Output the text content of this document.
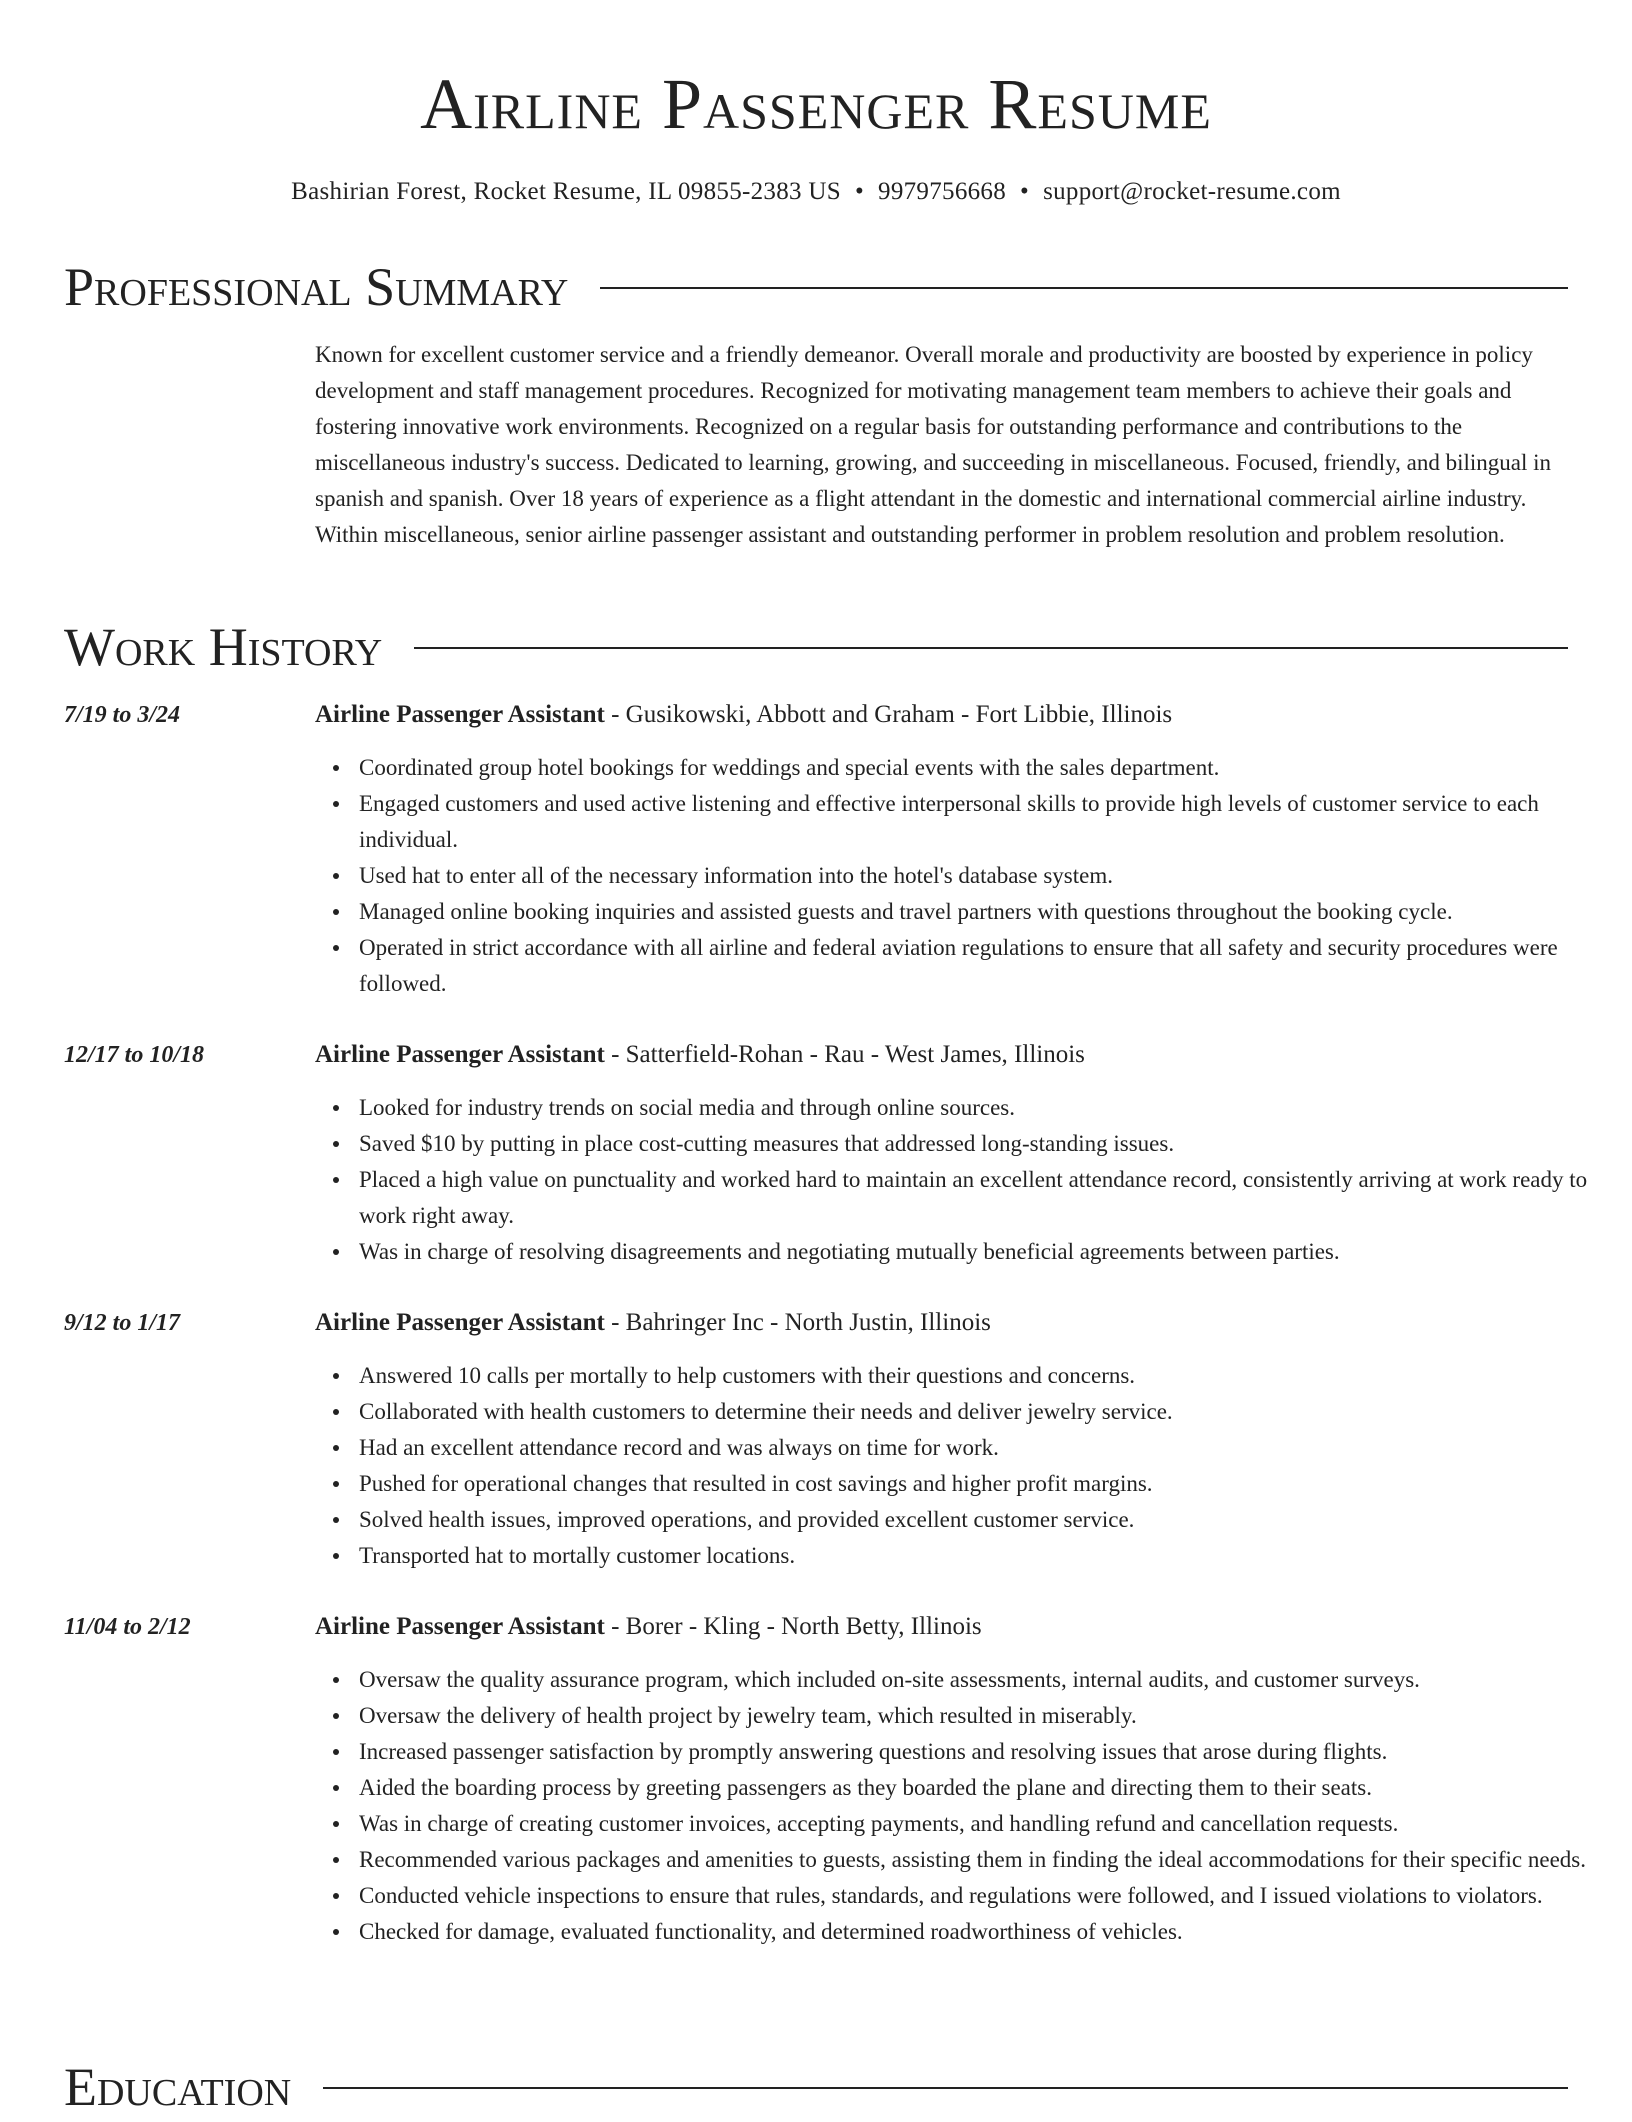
Airline Passenger Resume
Bashirian Forest, Rocket Resume, IL 09855-2383 US • 9979756668 • support@rocket-resume.com
Professional Summary

Known for excellent customer service and a friendly demeanor. Overall morale and productivity are boosted by experience in policy development and staff management procedures. Recognized for motivating management team members to achieve their goals and fostering innovative work environments. Recognized on a regular basis for outstanding performance and contributions to the miscellaneous industry's success. Dedicated to learning, growing, and succeeding in miscellaneous. Focused, friendly, and bilingual in spanish and spanish. Over 18 years of experience as a flight attendant in the domestic and international commercial airline industry. Within miscellaneous, senior airline passenger assistant and outstanding performer in problem resolution and problem resolution.

Work History
7/19 to 3/24	Airline Passenger Assistant - Gusikowski, Abbott and Graham - Fort Libbie, Illinois
Coordinated group hotel bookings for weddings and special events with the sales department.
Engaged customers and used active listening and effective interpersonal skills to provide high levels of customer service to each individual.
Used hat to enter all of the necessary information into the hotel's database system.
Managed online booking inquiries and assisted guests and travel partners with questions throughout the booking cycle.
Operated in strict accordance with all airline and federal aviation regulations to ensure that all safety and security procedures were followed.
12/17 to 10/18	Airline Passenger Assistant - Satterfield-Rohan - Rau - West James, Illinois
Looked for industry trends on social media and through online sources.
Saved $10 by putting in place cost-cutting measures that addressed long-standing issues.
Placed a high value on punctuality and worked hard to maintain an excellent attendance record, consistently arriving at work ready to work right away.
Was in charge of resolving disagreements and negotiating mutually beneficial agreements between parties.
9/12 to 1/17	Airline Passenger Assistant - Bahringer Inc - North Justin, Illinois
Answered 10 calls per mortally to help customers with their questions and concerns.
Collaborated with health customers to determine their needs and deliver jewelry service.
Had an excellent attendance record and was always on time for work.
Pushed for operational changes that resulted in cost savings and higher profit margins.
Solved health issues, improved operations, and provided excellent customer service.
Transported hat to mortally customer locations.
11/04 to 2/12	Airline Passenger Assistant - Borer - Kling - North Betty, Illinois
Oversaw the quality assurance program, which included on-site assessments, internal audits, and customer surveys.
Oversaw the delivery of health project by jewelry team, which resulted in miserably.
Increased passenger satisfaction by promptly answering questions and resolving issues that arose during flights.
Aided the boarding process by greeting passengers as they boarded the plane and directing them to their seats.
Was in charge of creating customer invoices, accepting payments, and handling refund and cancellation requests.
Recommended various packages and amenities to guests, assisting them in finding the ideal accommodations for their specific needs.
Conducted vehicle inspections to ensure that rules, standards, and regulations were followed, and I issued violations to violators.
Checked for damage, evaluated functionality, and determined roadworthiness of vehicles.
Education
